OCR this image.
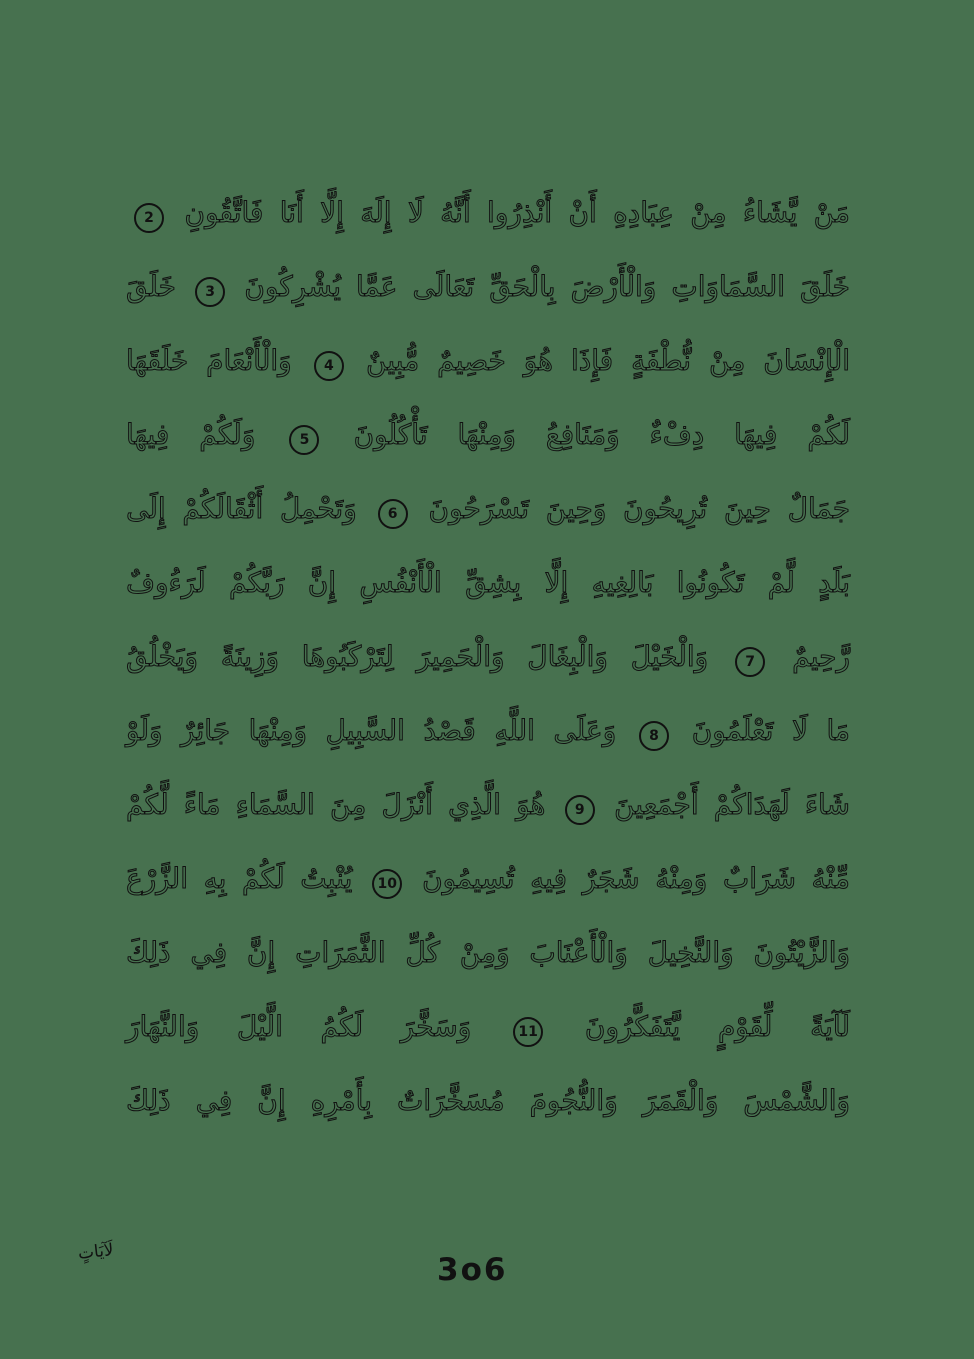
مَنْ يَّشَاءُ مِنْ عِبَادِهِ أَنْ أَنْذِرُوا أَنَّهُ لَا إِلَهَ إِلَّا أَنَا فَاتَّقُونِ 2
خَلَقَ السَّمَاوَاتِ وَالْأَرْضَ بِالْحَقِّ تَعَالَى عَمَّا يُشْرِكُونَ 3 خَلَقَ
الْإِنْسَانَ مِنْ نُّطْفَةٍ فَإِذَا هُوَ خَصِيمٌ مُّبِينٌ 4 وَالْأَنْعَامَ خَلَقَهَا
لَكُمْ فِيهَا دِفْءٌ وَمَنَافِعُ وَمِنْهَا تَأْكُلُونَ 5 وَلَكُمْ فِيهَا
جَمَالٌ حِينَ تُرِيحُونَ وَحِينَ تَسْرَحُونَ 6 وَتَحْمِلُ أَثْقَالَكُمْ إِلَى
بَلَدٍ لَّمْ تَكُونُوا بَالِغِيهِ إِلَّا بِشِقِّ الْأَنْفُسِ إِنَّ رَبَّكُمْ لَرَءُوفٌ
رَّحِيمٌ 7 وَالْخَيْلَ وَالْبِغَالَ وَالْحَمِيرَ لِتَرْكَبُوهَا وَزِينَةً وَيَخْلُقُ
مَا لَا تَعْلَمُونَ 8 وَعَلَى اللَّهِ قَصْدُ السَّبِيلِ وَمِنْهَا جَائِرٌ وَلَوْ
شَاءَ لَهَدَاكُمْ أَجْمَعِينَ 9 هُوَ الَّذِي أَنْزَلَ مِنَ السَّمَاءِ مَاءً لَّكُمْ
مِّنْهُ شَرَابٌ وَمِنْهُ شَجَرٌ فِيهِ تُسِيمُونَ 10 يُنْبِتُ لَكُمْ بِهِ الزَّرْعَ
وَالزَّيْتُونَ وَالنَّخِيلَ وَالْأَعْنَابَ وَمِنْ كُلِّ الثَّمَرَاتِ إِنَّ فِي ذَلِكَ
لَآيَةً لِّقَوْمٍ يَّتَفَكَّرُونَ 11 وَسَخَّرَ لَكُمُ الَّيْلَ وَالنَّهَارَ
وَالشَّمْسَ وَالْقَمَرَ وَالنُّجُومَ مُسَخَّرَاتٌ بِأَمْرِهِ إِنَّ فِي ذَلِكَ
لَآيَاتٍ	3o6
